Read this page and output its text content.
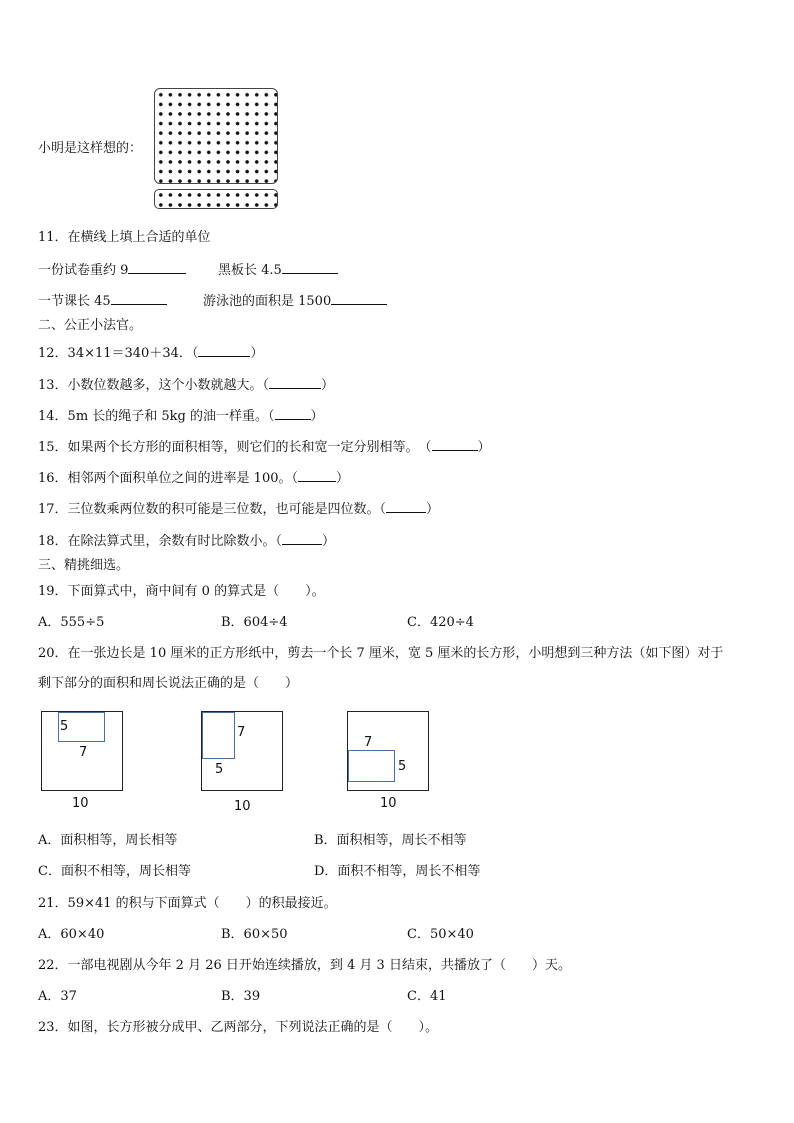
小明是这样想的：
11．在横线上填上合适的单位
一份试卷重约 9	黑板长 4.5
一节课长 45	游泳池的面积是 1500
二、公正小法官。
12．34×11＝340＋34．（	）
13．小数位数越多，这个小数就越大。（	）
14．5m 长的绳子和 5kg 的油一样重。（	）
15．如果两个长方形的面积相等，则它们的长和宽一定分别相等。　（	）
16．相邻两个面积单位之间的进率是 100。（	）
17．三位数乘两位数的积可能是三位数，也可能是四位数。（	）
18．在除法算式里，余数有时比除数小。（	）
三、精挑细选。
19．下面算式中，商中间有 0 的算式是（　　）。
A．555÷5	B．604÷4	C．420÷4
20．在一张边长是 10 厘米的正方形纸中，剪去一个长 7 厘米，宽 5 厘米的长方形，小明想到三种方法（如下图）对于
剩下部分的面积和周长说法正确的是（　　）
5
7
10
7
5
10
7
5
10
A．面积相等，周长相等	B．面积相等，周长不相等
C．面积不相等，周长相等	D．面积不相等，周长不相等
21．59×41 的积与下面算式（　　）的积最接近。
A．60×40	B．60×50	C．50×40
22．一部电视剧从今年 2 月 26 日开始连续播放，到 4 月 3 日结束，共播放了（　　）天。
A．37	B．39	C．41
23．如图，长方形被分成甲、乙两部分，下列说法正确的是（　　）。
